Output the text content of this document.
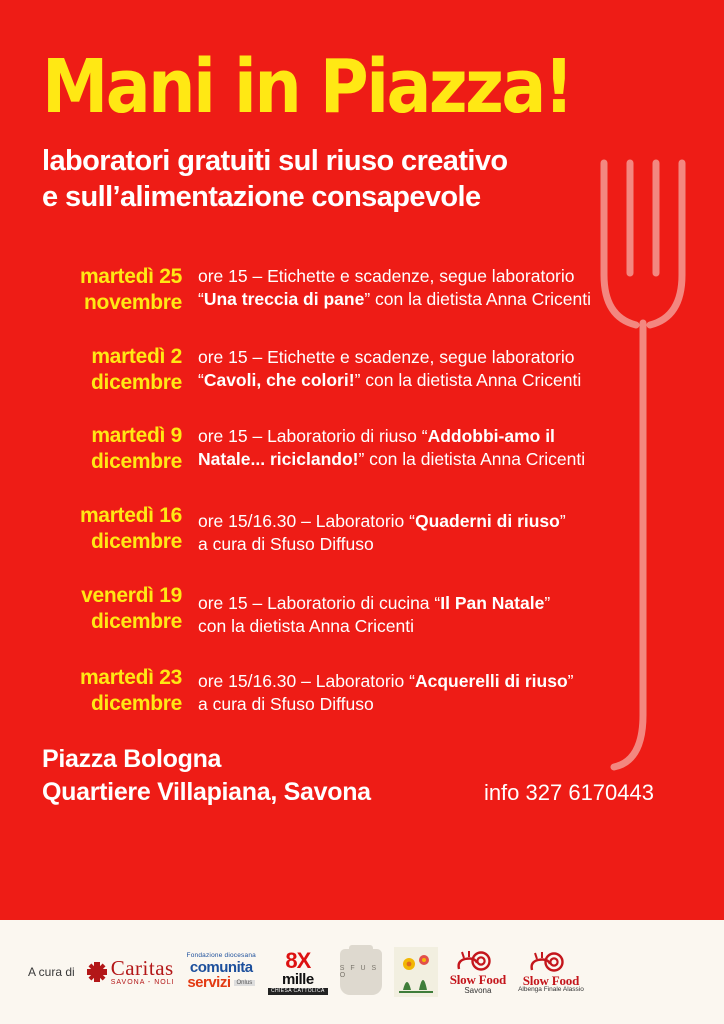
Mani in Piazza!
laboratori gratuiti sul riuso creativo
e sull’alimentazione consapevole
martedì 25
novembre
ore 15 – Etichette e scadenze, segue laboratorio
“Una treccia di pane” con la dietista Anna Cricenti
martedì 2
dicembre
ore 15 – Etichette e scadenze, segue laboratorio
“Cavoli, che colori!” con la dietista Anna Cricenti
martedì 9
dicembre
ore 15 – Laboratorio di riuso “Addobbi-amo il
Natale... riciclando!” con la dietista Anna Cricenti
martedì 16
dicembre
ore 15/16.30 – Laboratorio “Quaderni di riuso”
a cura di Sfuso Diffuso
venerdì 19
dicembre
ore 15 – Laboratorio di cucina “Il Pan Natale”
con la dietista Anna Cricenti
martedì 23
dicembre
ore 15/16.30 – Laboratorio “Acquerelli di riuso”
a cura di Sfuso Diffuso
Piazza Bologna
Quartiere Villapiana, Savona	info 327 6170443
A cura di Caritas
SAVONA - NOLI
Fondazione diocesana
comunita
servizi	Onlus
8X
mille
CHIESA CATTOLICA
S F U S O	Slow Food
Savona
Slow Food
Albenga Finale Alassio
